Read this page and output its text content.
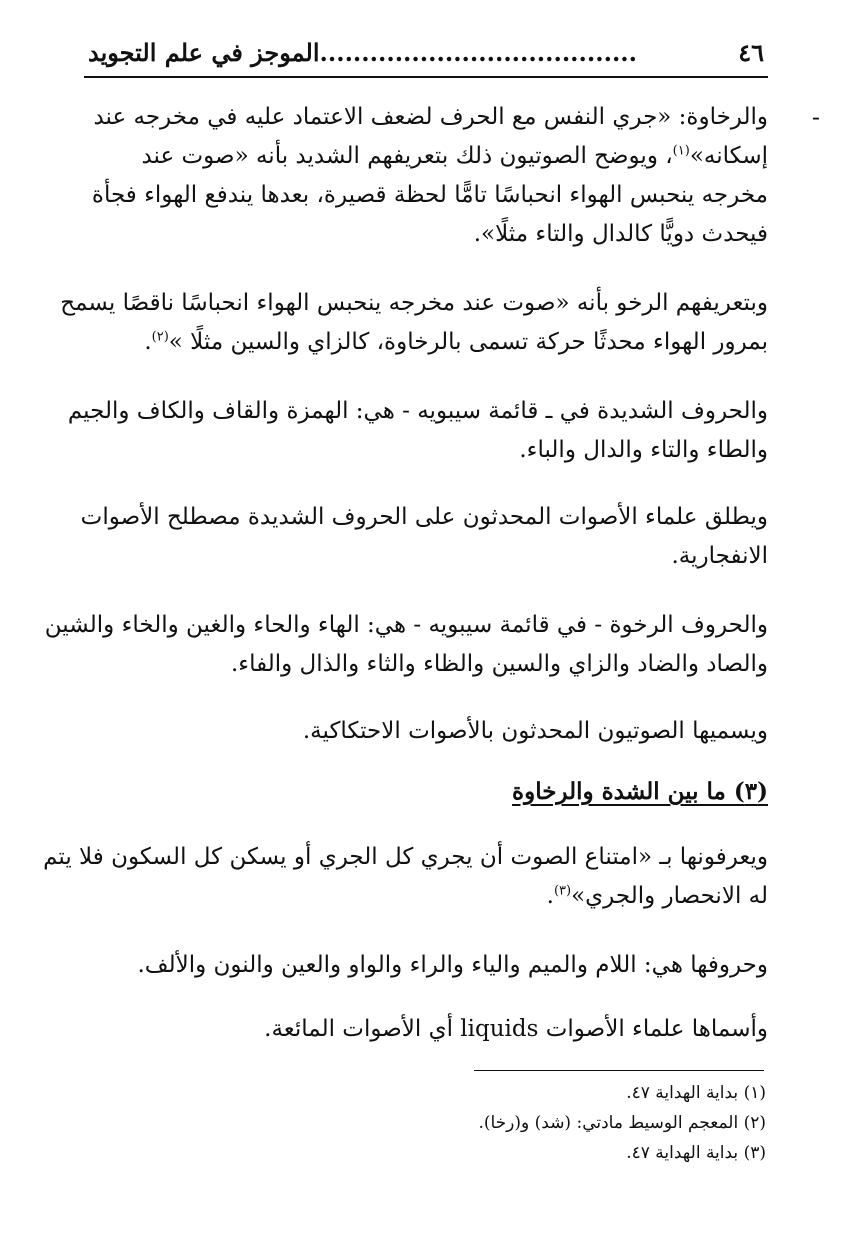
٤٦
......................................الموجز في علم التجويد
-
والرخاوة: «جري النفس مع الحرف لضعف الاعتماد عليه في مخرجه عند
إسكانه»$^{(١)}$، ويوضح الصوتيون ذلك بتعريفهم الشديد بأنه «صوت عند
مخرجه ينحبس الهواء انحباسًا تامًّا لحظة قصيرة، بعدها يندفع الهواء فجأة
فيحدث دويًّا كالدال والتاء مثلًا».
وبتعريفهم الرخو بأنه «صوت عند مخرجه ينحبس الهواء انحباسًا ناقصًا يسمح
بمرور الهواء محدثًا حركة تسمى بالرخاوة، كالزاي والسين مثلًا »$^{(٢)}$.
والحروف الشديدة في ـ قائمة سيبويه - هي: الهمزة والقاف والكاف والجيم
والطاء والتاء والدال والباء.
ويطلق علماء الأصوات المحدثون على الحروف الشديدة مصطلح الأصوات
الانفجارية.
والحروف الرخوة - في قائمة سيبويه - هي: الهاء والحاء والغين والخاء والشين
والصاد والضاد والزاي والسين والظاء والثاء والذال والفاء.
ويسميها الصوتيون المحدثون بالأصوات الاحتكاكية.
(٣) ما بين الشدة والرخاوة
ويعرفونها بـ «امتناع الصوت أن يجري كل الجري أو يسكن كل السكون فلا يتم
له الانحصار والجري»$^{(٣)}$.
وحروفها هي: اللام والميم والياء والراء والواو والعين والنون والألف.
وأسماها علماء الأصوات liquids أي الأصوات المائعة.
(١) بداية الهداية ٤٧.
(٢) المعجم الوسيط مادتي: (شد) و(رخا).
(٣) بداية الهداية ٤٧.
